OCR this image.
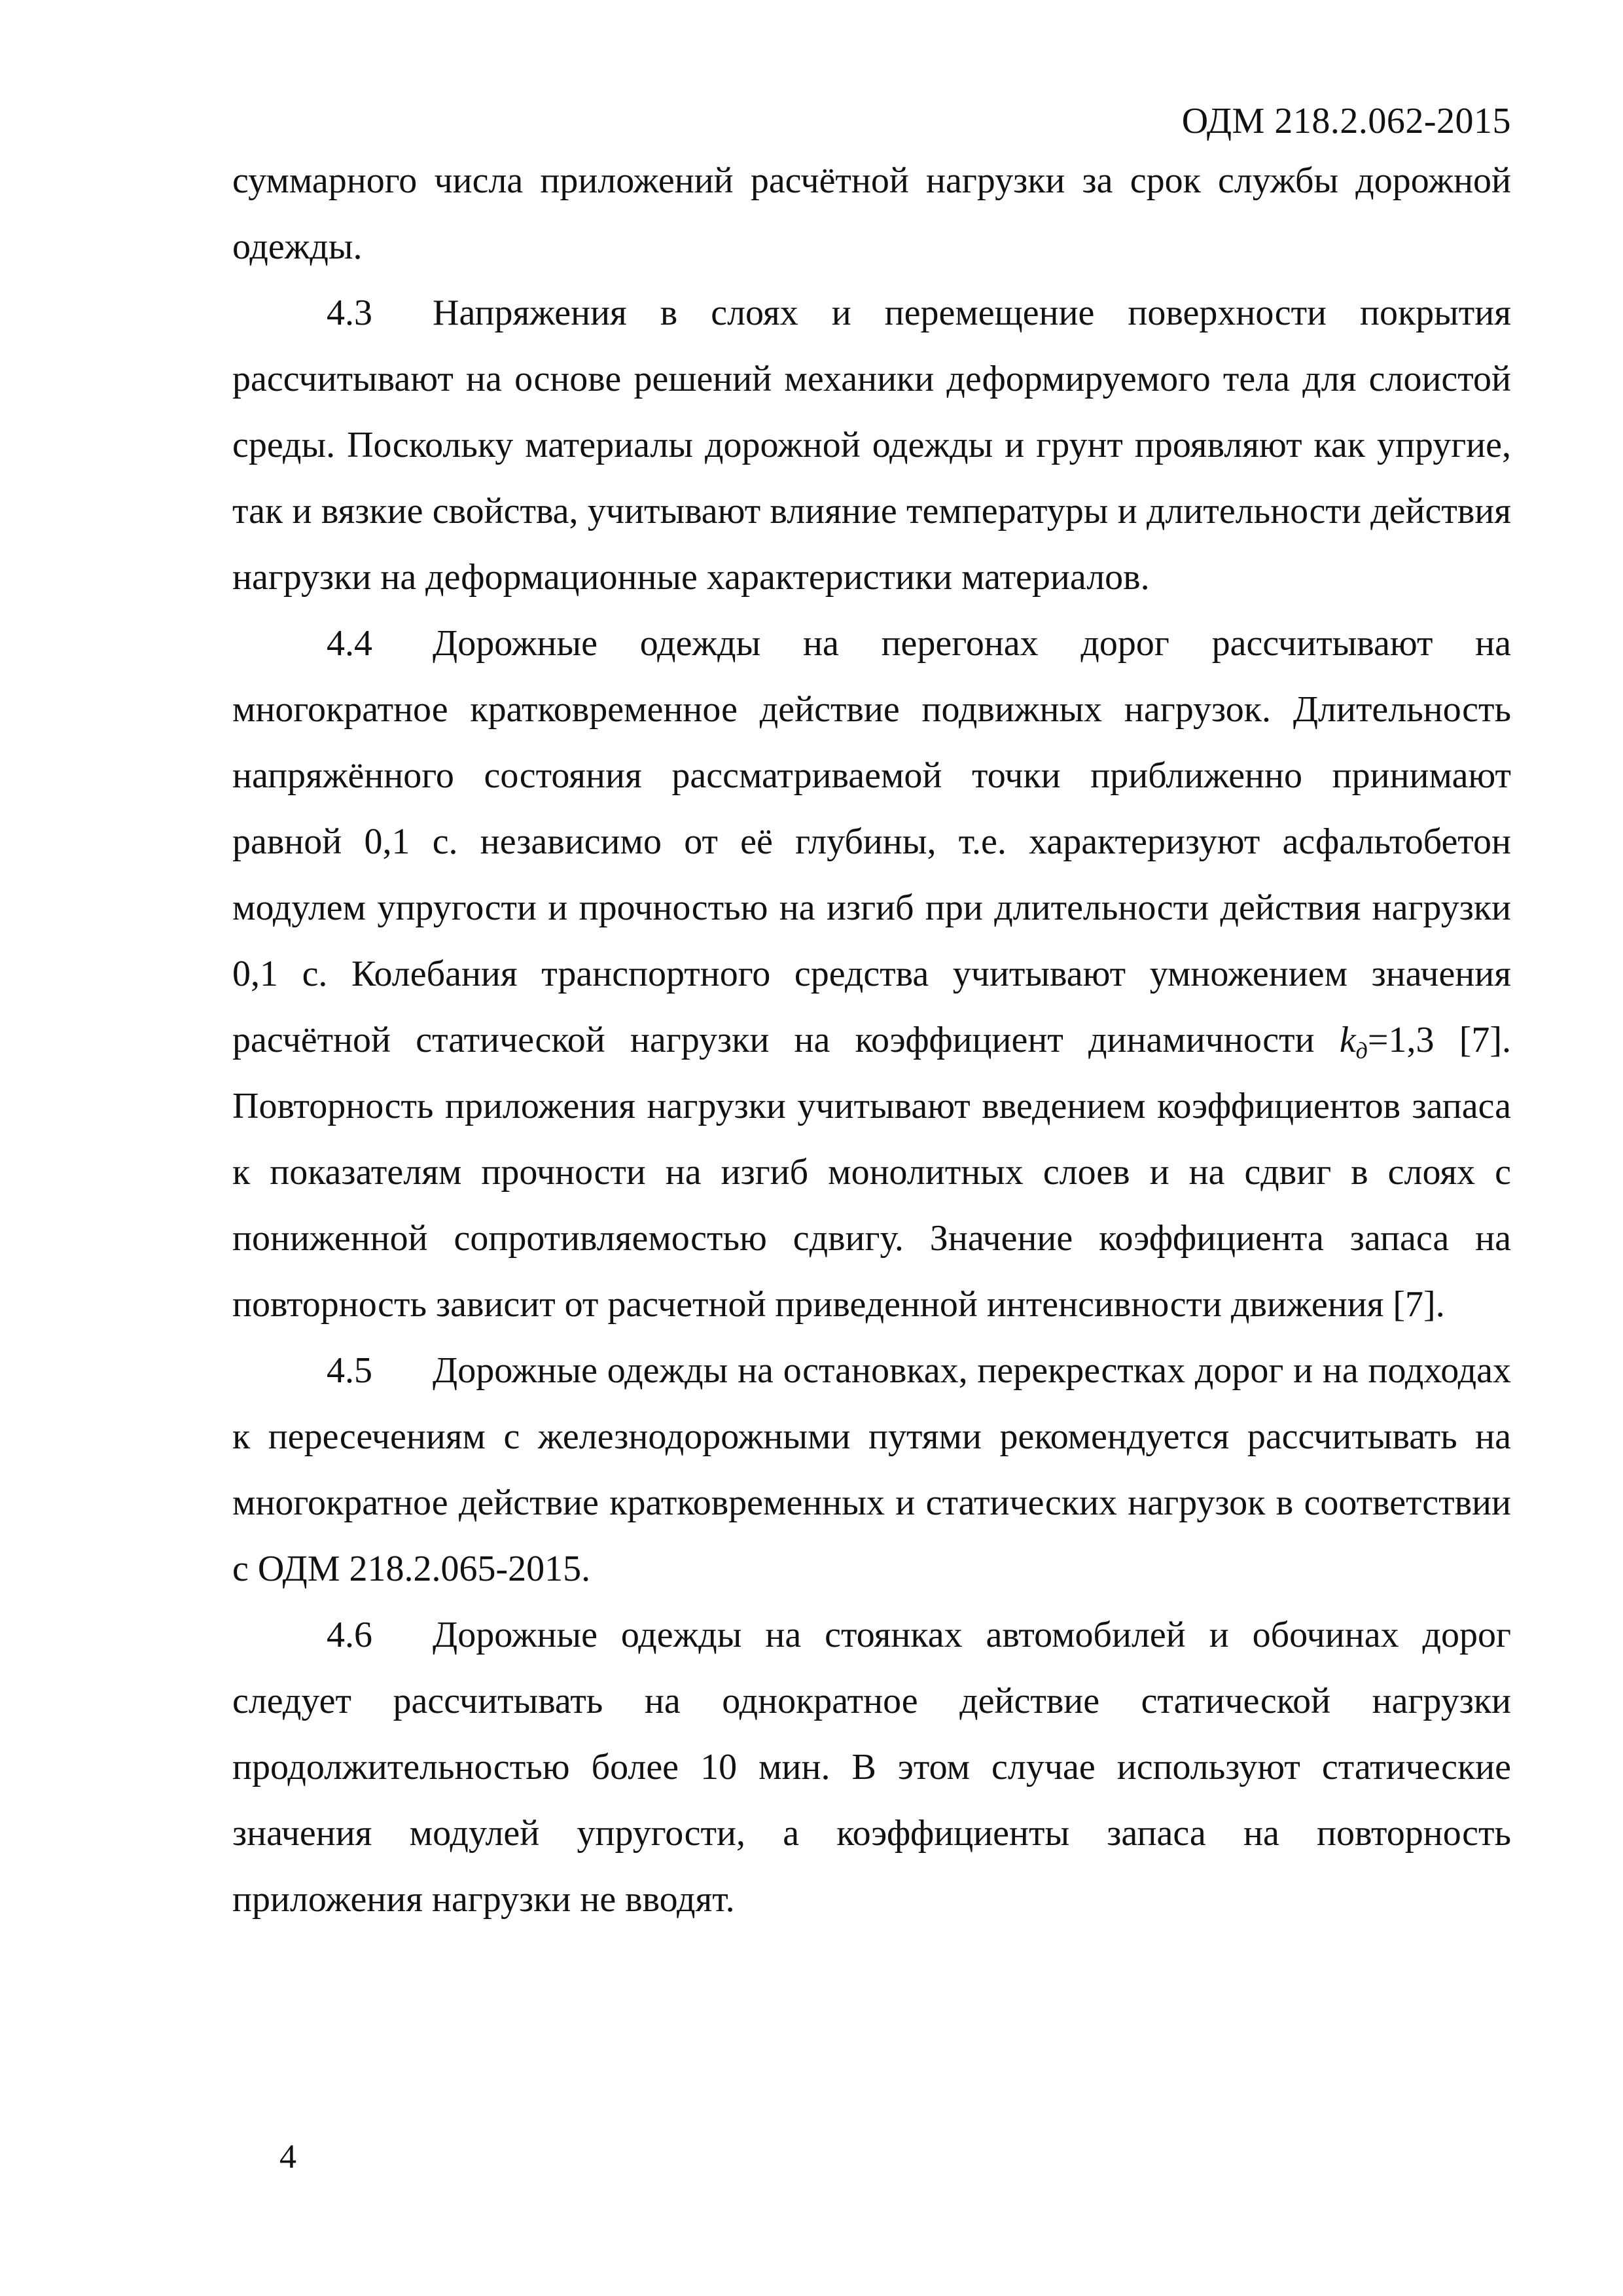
ОДМ 218.2.062-2015

суммарного числа приложений расчётной нагрузки за срок службы дорожной одежды.

4.3 Напряжения в слоях и перемещение поверхности покрытия рассчитывают на основе решений механики деформируемого тела для слоистой среды. Поскольку материалы дорожной одежды и грунт проявляют как упругие, так и вязкие свойства, учитывают влияние температуры и длительности действия нагрузки на деформационные характеристики материалов.

4.4 Дорожные одежды на перегонах дорог рассчитывают на многократное кратковременное действие подвижных нагрузок. Длительность напряжённого состояния рассматриваемой точки приближенно принимают равной 0,1 с. независимо от её глубины, т.е. характеризуют асфальтобетон модулем упругости и прочностью на изгиб при длительности действия нагрузки 0,1 с. Колебания транспортного средства учитывают умножением значения расчётной статической нагрузки на коэффициент динамичности $k_д=1,3$ [7]. Повторность приложения нагрузки учитывают введением коэффициентов запаса к показателям прочности на изгиб монолитных слоев и на сдвиг в слоях с пониженной сопротивляемостью сдвигу. Значение коэффициента запаса на повторность зависит от расчетной приведенной интенсивности движения [7].

4.5 Дорожные одежды на остановках, перекрестках дорог и на подходах к пересечениям с железнодорожными путями рекомендуется рассчитывать на многократное действие кратковременных и статических нагрузок в соответствии с ОДМ 218.2.065-2015.

4.6 Дорожные одежды на стоянках автомобилей и обочинах дорог следует рассчитывать на однократное действие статической нагрузки продолжительностью более 10 мин. В этом случае используют статические значения модулей упругости, а коэффициенты запаса на повторность приложения нагрузки не вводят.

4
